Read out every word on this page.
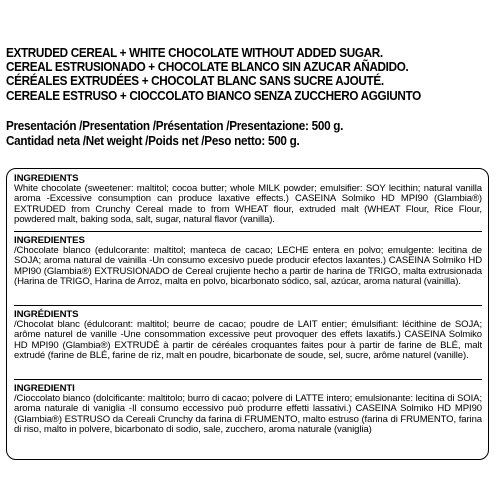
EXTRUDED CEREAL + WHITE CHOCOLATE WITHOUT ADDED SUGAR.
CEREAL ESTRUSIONADO + CHOCOLATE BLANCO SIN AZUCAR AÑADIDO.
CÉRÉALES EXTRUDÉES + CHOCOLAT BLANC SANS SUCRE AJOUTÉ.
CEREALE ESTRUSO + CIOCCOLATO BIANCO SENZA ZUCCHERO AGGIUNTO
Presentación /Presentation /Présentation /Presentazione: 500 g.
Cantidad neta /Net weight /Poids net /Peso netto: 500 g.
INGREDIENTS
White chocolate (sweetener: maltitol; cocoa butter; whole MILK powder; emulsifier: SOY lecithin; natural vanilla aroma -Excessive consumption can produce laxative effects.) CASEINA Solmiko HD MPI90 (Glambia®) EXTRUDED from Crunchy Cereal made to from WHEAT flour, extruded malt (WHEAT Flour, Rice Flour, powdered malt, baking soda, salt, sugar, natural flavor (vanilla).
INGREDIENTES
/Chocolate blanco (edulcorante: maltitol; manteca de cacao; LECHE entera en polvo; emulgente: lecitina de SOJA; aroma natural de vainilla -Un consumo excesivo puede producir efectos laxantes.) CASEINA Solmiko HD MPI90 (Glambia®) EXTRUSIONADO de Cereal crujiente hecho a partir de harina de TRIGO, malta extrusionada (Harina de TRIGO, Harina de Arroz, malta en polvo, bicarbonato sódico, sal, azúcar, aroma natural (vainilla).
INGRÉDIENTS
/Chocolat blanc (édulcorant: maltitol; beurre de cacao; poudre de LAIT entier; émulsifiant: lécithine de SOJA; arôme naturel de vanille -Une consommation excessive peut provoquer des effets laxatifs.) CASEINA Solmiko HD MPI90 (Glambia®) EXTRUDÉ à partir de céréales croquantes faites pour à partir de farine de BLÉ, malt extrudé (farine de BLÉ, farine de riz, malt en poudre, bicarbonate de soude, sel, sucre, arôme naturel (vanille).
INGREDIENTI
/Cioccolato bianco (dolcificante: maltitolo; burro di cacao; polvere di LATTE intero; emulsionante: lecitina di SOIA; aroma naturale di vaniglia -Il consumo eccessivo può produrre effetti lassativi.) CASEINA Solmiko HD MPI90 (Glambia®) ESTRUSO da Cereali Crunchy da farina di FRUMENTO, malto estruso (farina di FRUMENTO, farina di riso, malto in polvere, bicarbonato di sodio, sale, zucchero, aroma naturale (vaniglia)
